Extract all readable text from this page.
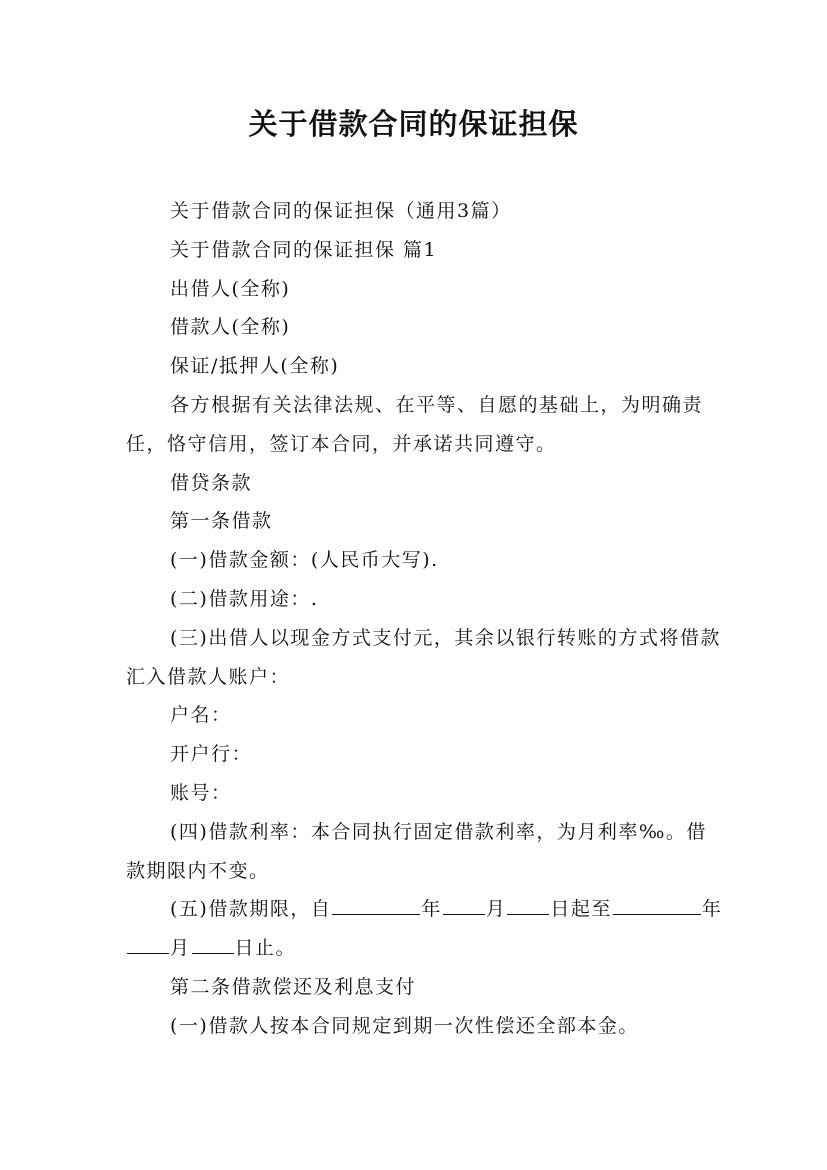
关于借款合同的保证担保

关于借款合同的保证担保（通用3篇）

关于借款合同的保证担保 篇1

出借人(全称)

借款人(全称)

保证/抵押人(全称)

各方根据有关法律法规、在平等、自愿的基础上，为明确责任，恪守信用，签订本合同，并承诺共同遵守。

借贷条款

第一条借款

(一)借款金额：(人民币大写).

(二)借款用途：.

(三)出借人以现金方式支付元，其余以银行转账的方式将借款汇入借款人账户：

户名：

开户行：

账号：

(四)借款利率：本合同执行固定借款利率，为月利率‰。借款期限内不变。

(五)借款期限，自	年 月 日起至	年月 日止。

第二条借款偿还及利息支付

(一)借款人按本合同规定到期一次性偿还全部本金。
